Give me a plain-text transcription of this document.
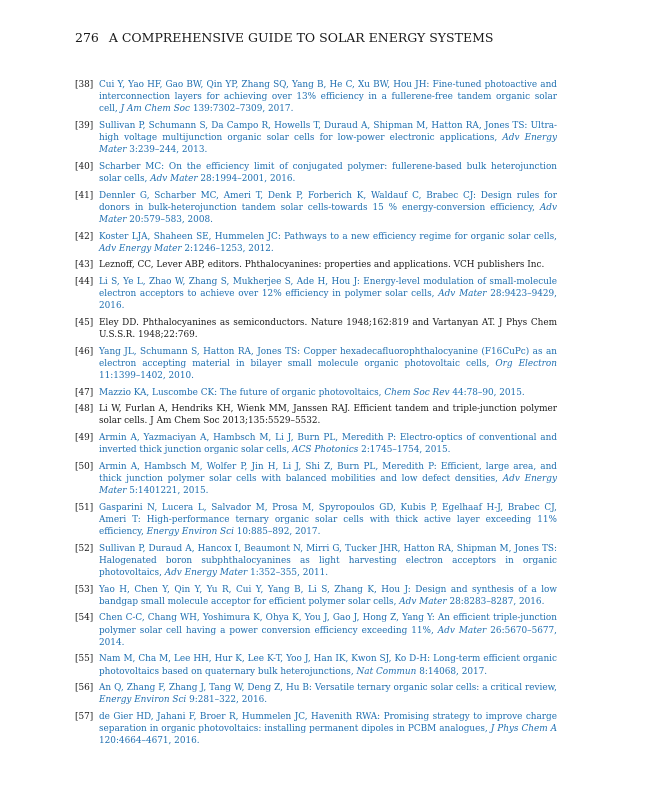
276 A COMPREHENSIVE GUIDE TO SOLAR ENERGY SYSTEMS
[38] Cui Y, Yao HF, Gao BW, Qin YP, Zhang SQ, Yang B, He C, Xu BW, Hou JH: Fine-tuned photoactive and interconnection layers for achieving over 13% efficiency in a fullerene-free tandem organic solar cell, J Am Chem Soc 139:7302–7309, 2017.
[39] Sullivan P, Schumann S, Da Campo R, Howells T, Duraud A, Shipman M, Hatton RA, Jones TS: Ultra-high voltage multijunction organic solar cells for low-power electronic applications, Adv Energy Mater 3:239–244, 2013.
[40] Scharber MC: On the efficiency limit of conjugated polymer: fullerene-based bulk heterojunction solar cells, Adv Mater 28:1994–2001, 2016.
[41] Dennler G, Scharber MC, Ameri T, Denk P, Forberich K, Waldauf C, Brabec CJ: Design rules for donors in bulk-heterojunction tandem solar cells-towards 15 % energy-conversion efficiency, Adv Mater 20:579–583, 2008.
[42] Koster LJA, Shaheen SE, Hummelen JC: Pathways to a new efficiency regime for organic solar cells, Adv Energy Mater 2:1246–1253, 2012.
[43] Leznoff, CC, Lever ABP, editors. Phthalocyanines: properties and applications. VCH publishers Inc.
[44] Li S, Ye L, Zhao W, Zhang S, Mukherjee S, Ade H, Hou J: Energy-level modulation of small-molecule electron acceptors to achieve over 12% efficiency in polymer solar cells, Adv Mater 28:9423–9429, 2016.
[45] Eley DD. Phthalocyanines as semiconductors. Nature 1948;162:819 and Vartanyan AT. J Phys Chem U.S.S.R. 1948;22:769.
[46] Yang JL, Schumann S, Hatton RA, Jones TS: Copper hexadecafluorophthalocyanine (F16CuPc) as an electron accepting material in bilayer small molecule organic photovoltaic cells, Org Electron 11:1399–1402, 2010.
[47] Mazzio KA, Luscombe CK: The future of organic photovoltaics, Chem Soc Rev 44:78–90, 2015.
[48] Li W, Furlan A, Hendriks KH, Wienk MM, Janssen RAJ. Efficient tandem and triple-junction polymer solar cells. J Am Chem Soc 2013;135:5529–5532.
[49] Armin A, Yazmaciyan A, Hambsch M, Li J, Burn PL, Meredith P: Electro-optics of conventional and inverted thick junction organic solar cells, ACS Photonics 2:1745–1754, 2015.
[50] Armin A, Hambsch M, Wolfer P, Jin H, Li J, Shi Z, Burn PL, Meredith P: Efficient, large area, and thick junction polymer solar cells with balanced mobilities and low defect densities, Adv Energy Mater 5:1401221, 2015.
[51] Gasparini N, Lucera L, Salvador M, Prosa M, Spyropoulos GD, Kubis P, Egelhaaf H-J, Brabec CJ, Ameri T: High-performance ternary organic solar cells with thick active layer exceeding 11% efficiency, Energy Environ Sci 10:885–892, 2017.
[52] Sullivan P, Duraud A, Hancox I, Beaumont N, Mirri G, Tucker JHR, Hatton RA, Shipman M, Jones TS: Halogenated boron subphthalocyanines as light harvesting electron acceptors in organic photovoltaics, Adv Energy Mater 1:352–355, 2011.
[53] Yao H, Chen Y, Qin Y, Yu R, Cui Y, Yang B, Li S, Zhang K, Hou J: Design and synthesis of a low bandgap small molecule acceptor for efficient polymer solar cells, Adv Mater 28:8283–8287, 2016.
[54] Chen C-C, Chang WH, Yoshimura K, Ohya K, You J, Gao J, Hong Z, Yang Y: An efficient triple-junction polymer solar cell having a power conversion efficiency exceeding 11%, Adv Mater 26:5670–5677, 2014.
[55] Nam M, Cha M, Lee HH, Hur K, Lee K-T, Yoo J, Han IK, Kwon SJ, Ko D-H: Long-term efficient organic photovoltaics based on quaternary bulk heterojunctions, Nat Commun 8:14068, 2017.
[56] An Q, Zhang F, Zhang J, Tang W, Deng Z, Hu B: Versatile ternary organic solar cells: a critical review, Energy Environ Sci 9:281–322, 2016.
[57] de Gier HD, Jahani F, Broer R, Hummelen JC, Havenith RWA: Promising strategy to improve charge separation in organic photovoltaics: installing permanent dipoles in PCBM analogues, J Phys Chem A 120:4664–4671, 2016.
